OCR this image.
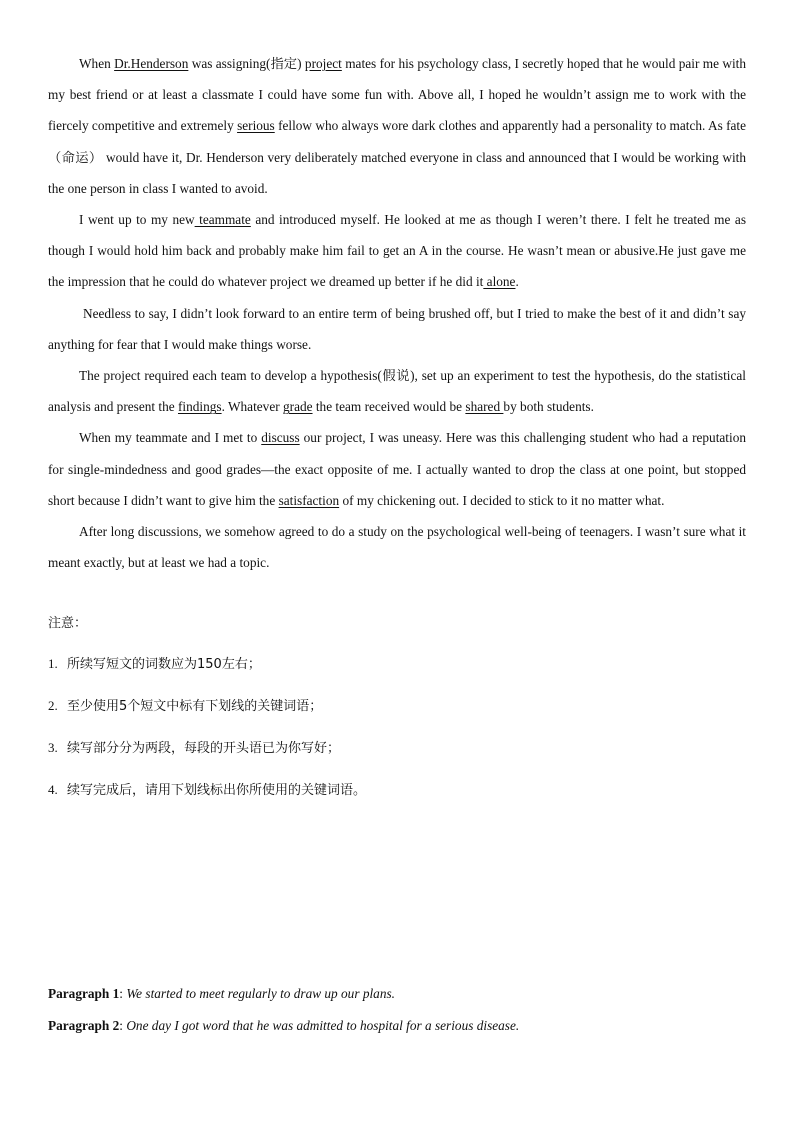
When Dr.Henderson was assigning(指定) project mates for his psychology class, I secretly hoped that he would pair me with my best friend or at least a classmate I could have some fun with. Above all, I hoped he wouldn’t assign me to work with the fiercely competitive and extremely serious fellow who always wore dark clothes and apparently had a personality to match. As fate（命运） would have it, Dr. Henderson very deliberately matched everyone in class and announced that I would be working with the one person in class I wanted to avoid.

I went up to my new teammate and introduced myself. He looked at me as though I weren’t there. I felt he treated me as though I would hold him back and probably make him fail to get an A in the course. He wasn’t mean or abusive.He just gave me the impression that he could do whatever project we dreamed up better if he did it alone.

Needless to say, I didn’t look forward to an entire term of being brushed off, but I tried to make the best of it and didn’t say anything for fear that I would make things worse.

The project required each team to develop a hypothesis(假说), set up an experiment to test the hypothesis, do the statistical analysis and present the findings. Whatever grade the team received would be shared by both students.

When my teammate and I met to discuss our project, I was uneasy. Here was this challenging student who had a reputation for single-mindedness and good grades—the exact opposite of me. I actually wanted to drop the class at one point, but stopped short because I didn’t want to give him the satisfaction of my chickening out. I decided to stick to it no matter what.

After long discussions, we somehow agreed to do a study on the psychological well-being of teenagers. I wasn’t sure what it meant exactly, but at least we had a topic.

注意：
1. 所续写短文的词数应为150左右；
2. 至少使用5个短文中标有下划线的关键词语；
3. 续写部分分为两段，每段的开头语已为你写好；
4. 续写完成后，请用下划线标出你所使用的关键词语。
Paragraph 1: We started to meet regularly to draw up our plans.
Paragraph 2: One day I got word that he was admitted to hospital for a serious disease.
